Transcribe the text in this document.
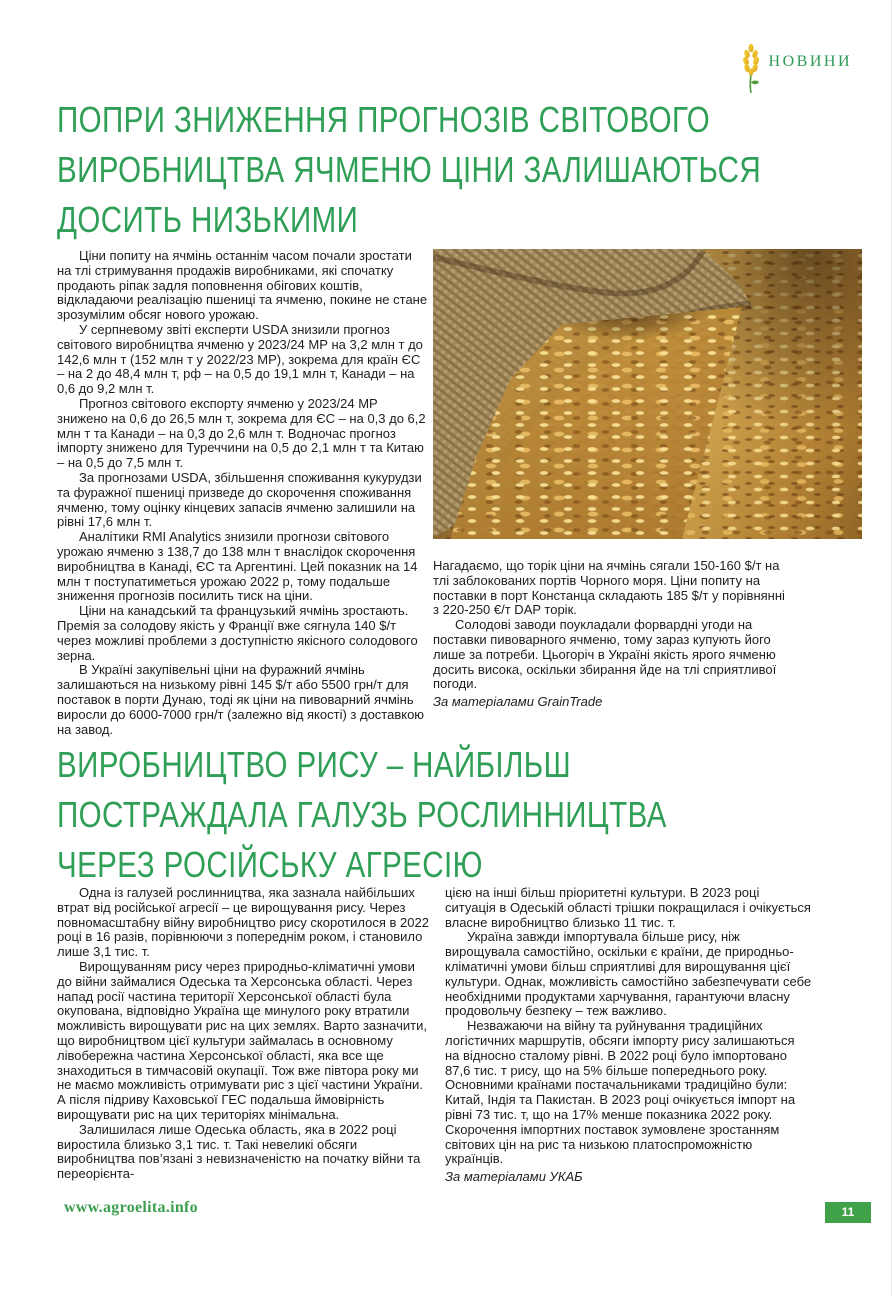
НОВИНИ
ПОПРИ ЗНИЖЕННЯ ПРОГНОЗІВ СВІТОВОГО
ВИРОБНИЦТВА ЯЧМЕНЮ ЦІНИ ЗАЛИШАЮТЬСЯ
ДОСИТЬ НИЗЬКИМИ

Ціни попиту на ячмінь останнім часом почали зростати на тлі стримування продажів виробниками, які спочатку продають ріпак задля поповнення обігових коштів, відкладаючи реалізацію пшениці та ячменю, покине не стане зрозумілим обсяг нового урожаю.

У серпневому звіті експерти USDA знизили прогноз світового виробництва ячменю у 2023/24 МР на 3,2 млн т до 142,6 млн т (152 млн т у 2022/23 МР), зокрема для країн ЄС – на 2 до 48,4 млн т, рф – на 0,5 до 19,1 млн т, Канади – на 0,6 до 9,2 млн т.

Прогноз світового експорту ячменю у 2023/24 МР знижено на 0,6 до 26,5 млн т, зокрема для ЄС – на 0,3 до 6,2 млн т та Канади – на 0,3 до 2,6 млн т. Водночас прогноз імпорту знижено для Туреччини на 0,5 до 2,1 млн т та Китаю – на 0,5 до 7,5 млн т.

За прогнозами USDA, збільшення споживання кукурудзи та фуражної пшениці призведе до скорочення споживання ячменю, тому оцінку кінцевих запасів ячменю залишили на рівні 17,6 млн т.

Аналітики RMI Analytics знизили прогнози світового урожаю ячменю з 138,7 до 138 млн т внаслідок скорочення виробництва в Канаді, ЄС та Аргентині. Цей показник на 14 млн т поступатиметься урожаю 2022 р, тому подальше зниження прогнозів посилить тиск на ціни.

Ціни на канадський та французький ячмінь зростають. Премія за солодову якість у Франції вже сягнула 140 $/т через можливі проблеми з доступністю якісного солодового зерна.

В Україні закупівельні ціни на фуражний ячмінь залишаються на низькому рівні 145 $/т або 5500 грн/т для поставок в порти Дунаю, тоді як ціни на пивоварний ячмінь виросли до 6000-7000 грн/т (залежно від якості) з доставкою на завод.

Нагадаємо, що торік ціни на ячмінь сягали 150-160 $/т на тлі заблокованих портів Чорного моря. Ціни попиту на поставки в порт Констанца складають 185 $/т у порівнянні з 220-250 €/т DAP торік.

Солодові заводи поукладали форвардні угоди на поставки пивоварного ячменю, тому зараз купують його лише за потреби. Цьогоріч в Україні якість ярого ячменю досить висока, оскільки збирання йде на тлі сприятливої погоди.

За матеріалами GrainTrade

ВИРОБНИЦТВО РИСУ – НАЙБІЛЬШ
ПОСТРАЖДАЛА ГАЛУЗЬ РОСЛИННИЦТВА
ЧЕРЕЗ РОСІЙСЬКУ АГРЕСІЮ

Одна із галузей рослинництва, яка зазнала найбільших втрат від російської агресії – це вирощування рису. Через повномасштабну війну виробництво рису скоротилося в 2022 році в 16 разів, порівнюючи з попереднім роком, і становило лише 3,1 тис. т.

Вирощуванням рису через природньо-кліматичні умови до війни займалися Одеська та Херсонська області. Через напад росії частина території Херсонської області була окупована, відповідно Україна ще минулого року втратили можливість вирощувати рис на цих землях. Варто зазначити, що виробництвом цієї культури займалась в основному лівобережна частина Херсонської області, яка все ще знаходиться в тимчасовій окупації. Тож вже півтора року ми не маємо можливість отримувати рис з цієї частини України. А після підриву Каховської ГЕС подальша ймовірність вирощувати рис на цих територіях мінімальна.

Залишилася лише Одеська область, яка в 2022 році виростила близько 3,1 тис. т. Такі невеликі обсяги виробництва пов’язані з невизначеністю на початку війни та переорієнта-

цією на інші більш пріоритетні культури. В 2023 році ситуація в Одеській області трішки покращилася і очікується власне виробництво близько 11 тис. т.

Україна завжди імпортувала більше рису, ніж вирощувала самостійно, оскільки є країни, де природньо-кліматичні умови більш сприятливі для вирощування цієї культури. Однак, можливість самостійно забезпечувати себе необхідними продуктами харчування, гарантуючи власну продовольчу безпеку – теж важливо.

Незважаючи на війну та руйнування традиційних логістичних маршрутів, обсяги імпорту рису залишаються на відносно сталому рівні. В 2022 році було імпортовано 87,6 тис. т рису, що на 5% більше попереднього року. Основними країнами постачальниками традиційно були: Китай, Індія та Пакистан. В 2023 році очікується імпорт на рівні 73 тис. т, що на 17% менше показника 2022 року. Скорочення імпортних поставок зумовлене зростанням світових цін на рис та низькою платоспроможністю українців.

За матеріалами УКАБ

www.agroelita.info	11
